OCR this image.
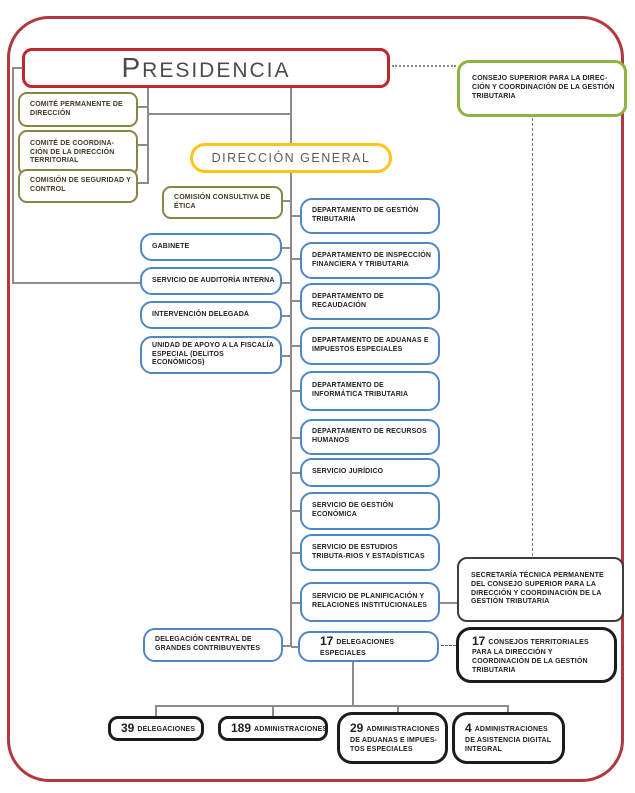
PRESIDENCIA	CONSEJO SUPERIOR PARA LA DIREC-CIÓN Y COORDINACIÓN DE LA GESTIÓN TRIBUTARIA
COMITÉ PERMANENTE DE DIRECCIÓN
COMITÉ DE COORDINA-CIÓN DE LA DIRECCIÓN TERRITORIAL
COMISIÓN DE SEGURIDAD Y CONTROL
DIRECCIÓN GENERAL
COMISIÓN CONSULTIVA DE ÉTICA
GABINETE
SERVICIO DE AUDITORÍA INTERNA
INTERVENCIÓN DELEGADA
UNIDAD DE APOYO A LA FISCALÍA ESPECIAL (DELITOS ECONÓMICOS)
DEPARTAMENTO DE GESTIÓN TRIBUTARIA
DEPARTAMENTO DE INSPECCIÓN FINANCIERA Y TRIBUTARIA
DEPARTAMENTO DE RECAUDACIÓN
DEPARTAMENTO DE ADUANAS E IMPUESTOS ESPECIALES
DEPARTAMENTO DE INFORMÁTICA TRIBUTARIA
DEPARTAMENTO DE RECURSOS HUMANOS
SERVICIO JURÍDICO
SERVICIO DE GESTIÓN ECONÓMICA
SERVICIO DE ESTUDIOS TRIBUTA-RIOS Y ESTADÍSTICAS
SERVICIO DE PLANIFICACIÓN Y RELACIONES INSTITUCIONALES
SECRETARÍA TÉCNICA PERMANENTE DEL CONSEJO SUPERIOR PARA LA DIRECCIÓN Y COORDINACIÓN DE LA GESTIÓN TRIBUTARIA
DELEGACIÓN CENTRAL DE GRANDES CONTRIBUYENTES
17 DELEGACIONES ESPECIALES
17 CONSEJOS TERRITORIALES PARA LA DIRECCIÓN Y COORDINACIÓN DE LA GESTIÓN TRIBUTARIA
39 DELEGACIONES	189 ADMINISTRACIONES 29 ADMINISTRACIONES DE ADUANAS E IMPUES-TOS ESPECIALES
4 ADMINISTRACIONES DE ASISTENCIA DIGITAL INTEGRAL
